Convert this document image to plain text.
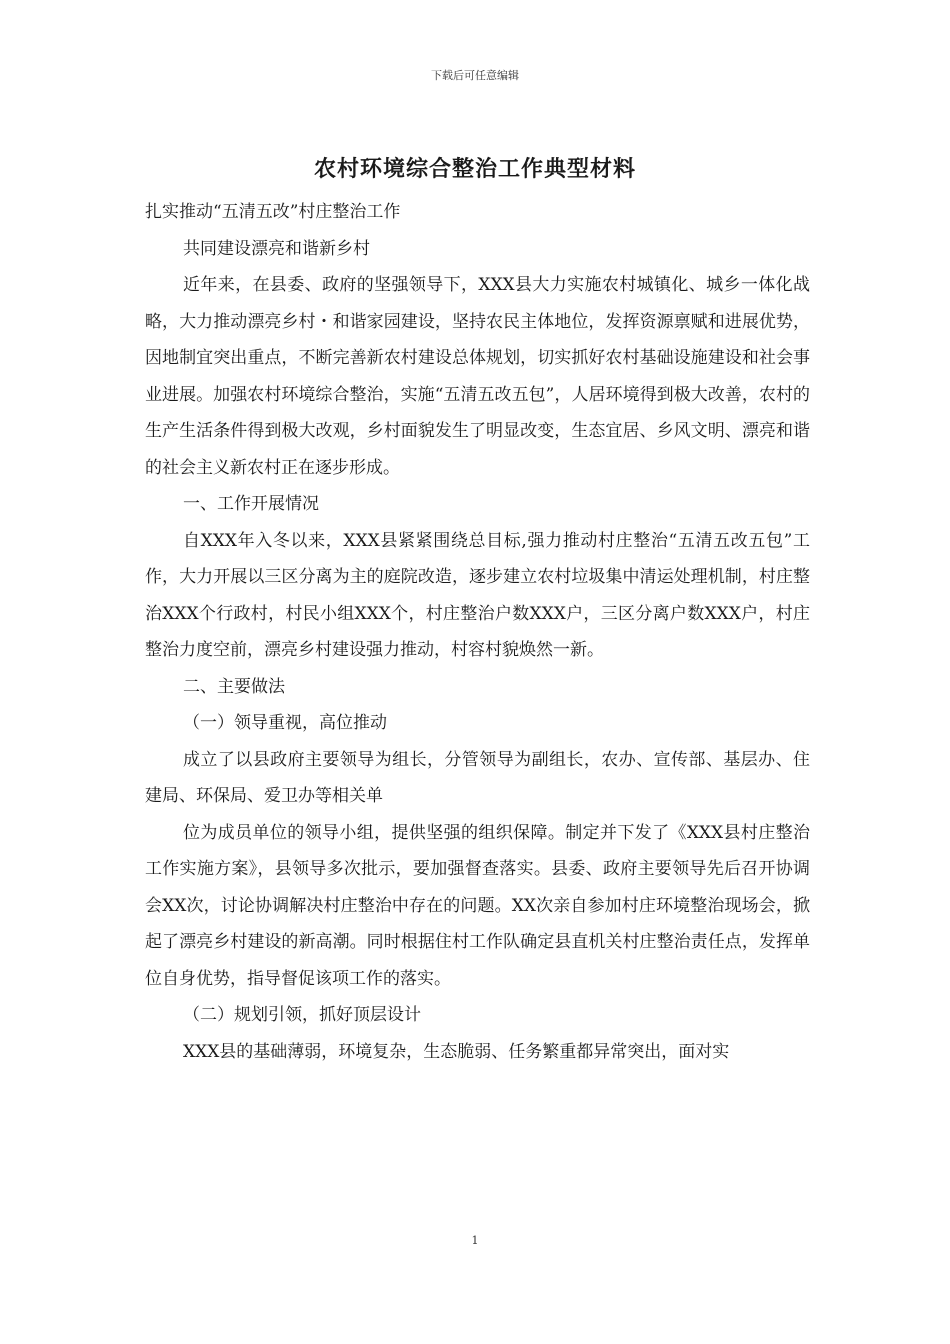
下载后可任意编辑
农村环境综合整治工作典型材料

扎实推动“五清五改”村庄整治工作

共同建设漂亮和谐新乡村

近年来，在县委、政府的坚强领导下，XXX县大力实施农村城镇化、城乡一体化战略，大力推动漂亮乡村・和谐家园建设，坚持农民主体地位，发挥资源禀赋和进展优势，因地制宜突出重点，不断完善新农村建设总体规划，切实抓好农村基础设施建设和社会事业进展。加强农村环境综合整治，实施“五清五改五包”，人居环境得到极大改善，农村的生产生活条件得到极大改观，乡村面貌发生了明显改变，生态宜居、乡风文明、漂亮和谐的社会主义新农村正在逐步形成。

一、工作开展情况

自XXX年入冬以来，XXX县紧紧围绕总目标,强力推动村庄整治“五清五改五包”工作，大力开展以三区分离为主的庭院改造，逐步建立农村垃圾集中清运处理机制，村庄整治XXX个行政村，村民小组XXX个，村庄整治户数XXX户，三区分离户数XXX户，村庄整治力度空前，漂亮乡村建设强力推动，村容村貌焕然一新。

二、主要做法

（一）领导重视，高位推动

成立了以县政府主要领导为组长，分管领导为副组长，农办、宣传部、基层办、住建局、环保局、爱卫办等相关单

位为成员单位的领导小组，提供坚强的组织保障。制定并下发了《XXX县村庄整治工作实施方案》，县领导多次批示，要加强督查落实。县委、政府主要领导先后召开协调会XX次，讨论协调解决村庄整治中存在的问题。XX次亲自参加村庄环境整治现场会，掀起了漂亮乡村建设的新高潮。同时根据住村工作队确定县直机关村庄整治责任点，发挥单位自身优势，指导督促该项工作的落实。

（二）规划引领，抓好顶层设计

XXX县的基础薄弱，环境复杂，生态脆弱、任务繁重都异常突出，面对实

1
